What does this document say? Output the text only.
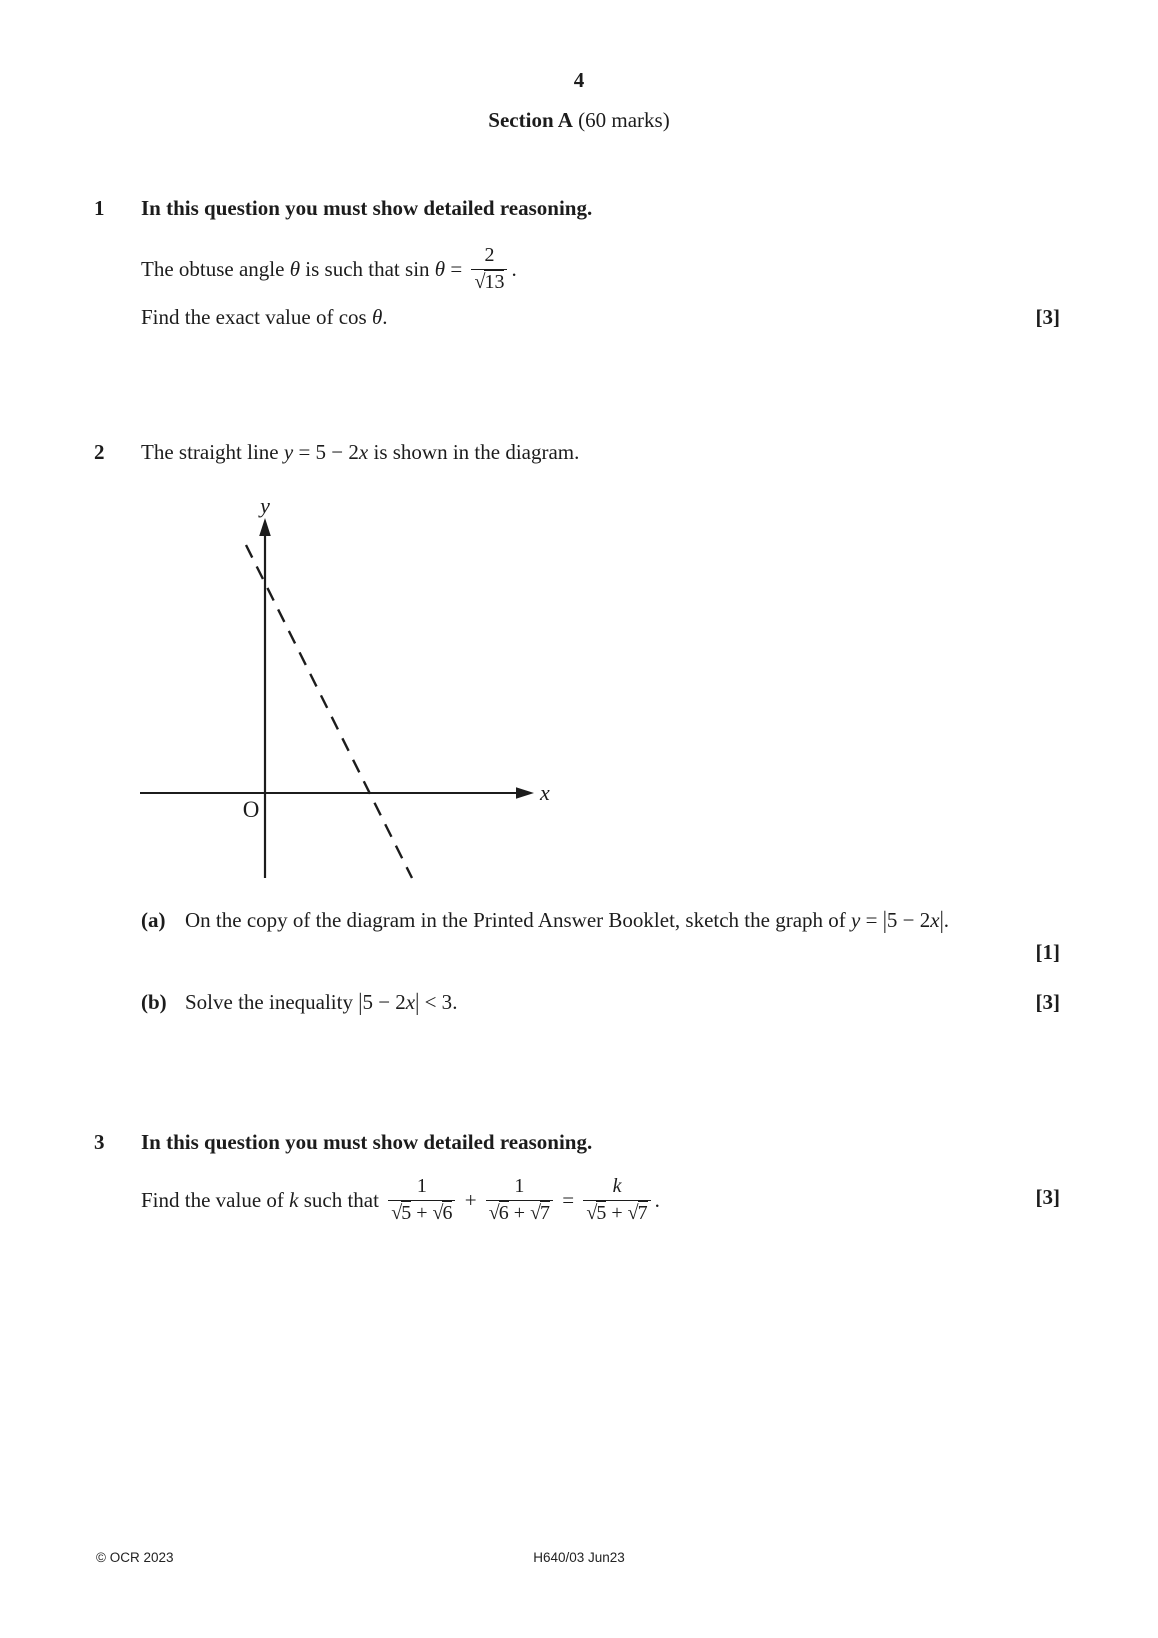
4
Section A (60 marks)
1 In this question you must show detailed reasoning.
The obtuse angle θ is such that $\sin \theta = \frac{2}{√13}$ .
Find the exact value of cos θ.	[3]
2 The straight line y = 5 − 2x is shown in the diagram.
y
x
O
(a) On the copy of the diagram in the Printed Answer Booklet, sketch the graph of y = |5 − 2x|.
[1]
(b) Solve the inequality |5 − 2x| < 3.	[3]
3 In this question you must show detailed reasoning.
Find the value of k such that $\frac{1}{√5 + √6} + \frac{1}{√6 + √7} = \frac{k}{√5 + √7}$ .	[3]
© OCR 2023	H640/03 Jun23
